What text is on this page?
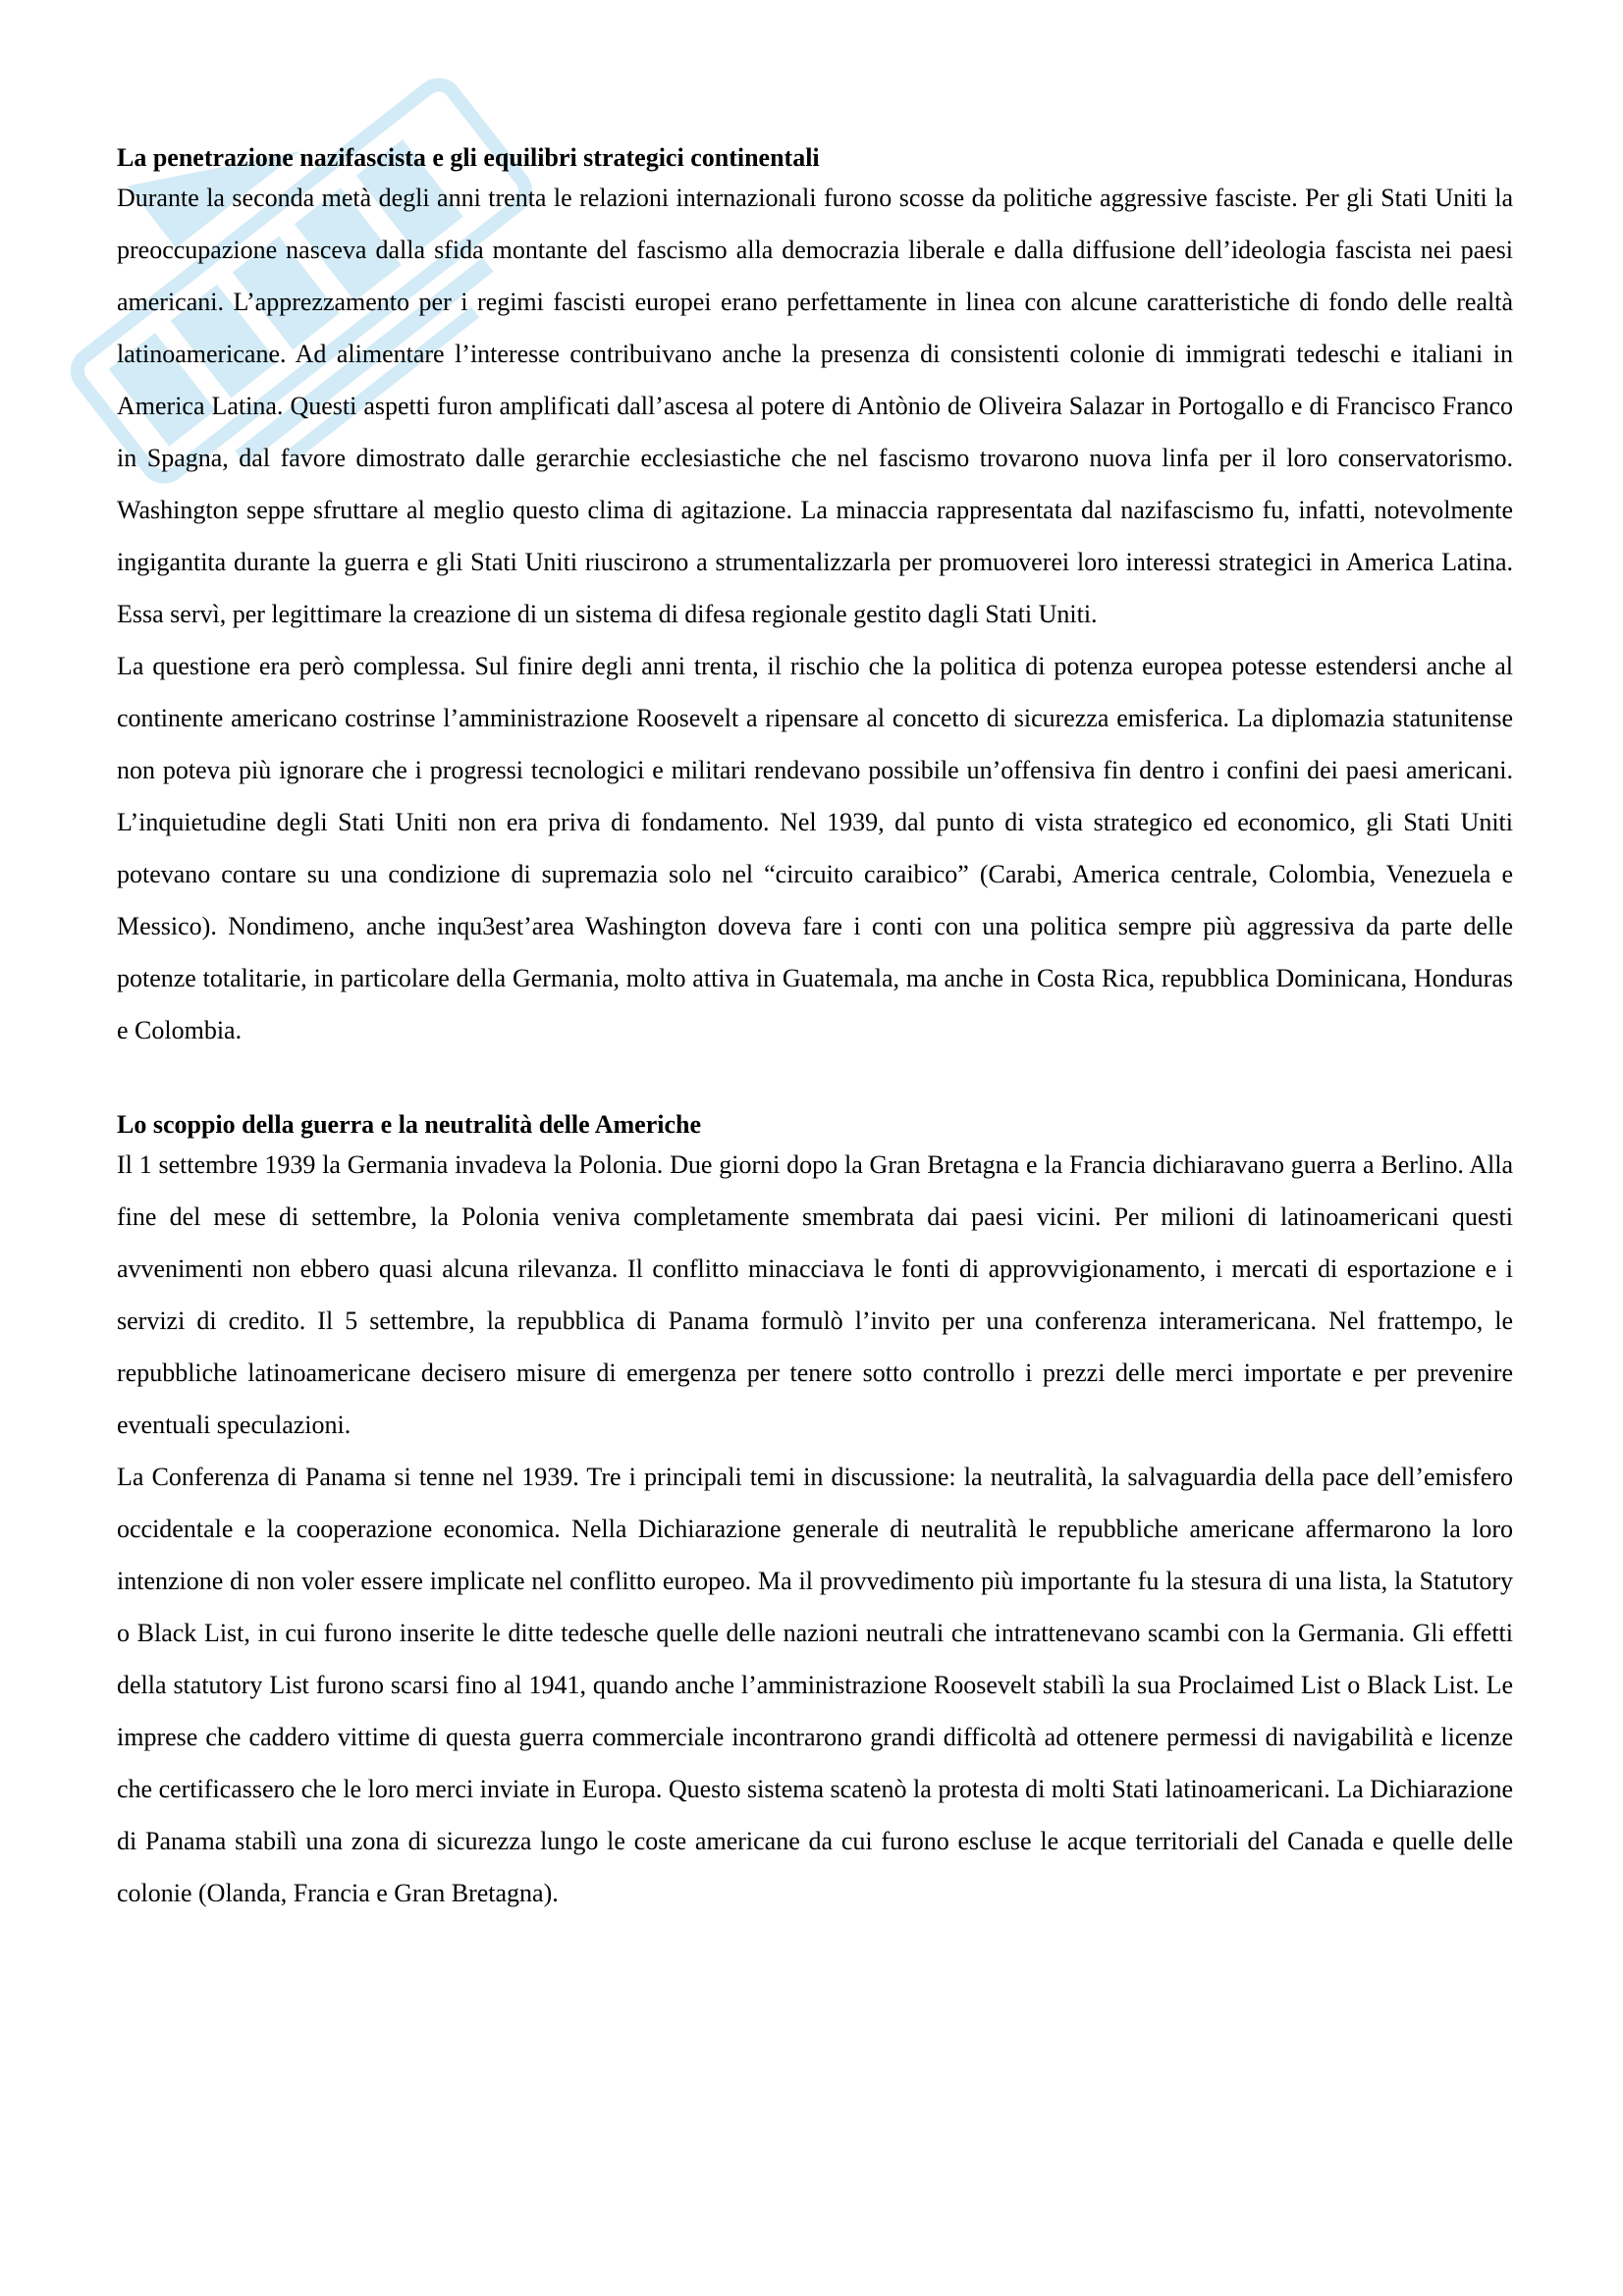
La penetrazione nazifascista e gli equilibri strategici continentali

Durante la seconda metà degli anni trenta le relazioni internazionali furono scosse da politiche aggressive fasciste. Per gli Stati Uniti la preoccupazione nasceva dalla sfida montante del fascismo alla democrazia liberale e dalla diffusione dell’ideologia fascista nei paesi americani. L’apprezzamento per i regimi fascisti europei erano perfettamente in linea con alcune caratteristiche di fondo delle realtà latinoamericane. Ad alimentare l’interesse contribuivano anche la presenza di consistenti colonie di immigrati tedeschi e italiani in America Latina. Questi aspetti furon amplificati dall’ascesa al potere di Antònio de Oliveira Salazar in Portogallo e di Francisco Franco in Spagna, dal favore dimostrato dalle gerarchie ecclesiastiche che nel fascismo trovarono nuova linfa per il loro conservatorismo. Washington seppe sfruttare al meglio questo clima di agitazione. La minaccia rappresentata dal nazifascismo fu, infatti, notevolmente ingigantita durante la guerra e gli Stati Uniti riuscirono a strumentalizzarla per promuoverei loro interessi strategici in America Latina. Essa servì, per legittimare la creazione di un sistema di difesa regionale gestito dagli Stati Uniti.

La questione era però complessa. Sul finire degli anni trenta, il rischio che la politica di potenza europea potesse estendersi anche al continente americano costrinse l’amministrazione Roosevelt a ripensare al concetto di sicurezza emisferica. La diplomazia statunitense non poteva più ignorare che i progressi tecnologici e militari rendevano possibile un’offensiva fin dentro i confini dei paesi americani. L’inquietudine degli Stati Uniti non era priva di fondamento. Nel 1939, dal punto di vista strategico ed economico, gli Stati Uniti potevano contare su una condizione di supremazia solo nel “circuito caraibico” (Carabi, America centrale, Colombia, Venezuela e Messico). Nondimeno, anche inqu3est’area Washington doveva fare i conti con una politica sempre più aggressiva da parte delle potenze totalitarie, in particolare della Germania, molto attiva in Guatemala, ma anche in Costa Rica, repubblica Dominicana, Honduras e Colombia.

Lo scoppio della guerra e la neutralità delle Americhe

Il 1 settembre 1939 la Germania invadeva la Polonia. Due giorni dopo la Gran Bretagna e la Francia dichiaravano guerra a Berlino. Alla fine del mese di settembre, la Polonia veniva completamente smembrata dai paesi vicini. Per milioni di latinoamericani questi avvenimenti non ebbero quasi alcuna rilevanza. Il conflitto minacciava le fonti di approvvigionamento, i mercati di esportazione e i servizi di credito. Il 5 settembre, la repubblica di Panama formulò l’invito per una conferenza interamericana. Nel frattempo, le repubbliche latinoamericane decisero misure di emergenza per tenere sotto controllo i prezzi delle merci importate e per prevenire eventuali speculazioni.

La Conferenza di Panama si tenne nel 1939. Tre i principali temi in discussione: la neutralità, la salvaguardia della pace dell’emisfero occidentale e la cooperazione economica. Nella Dichiarazione generale di neutralità le repubbliche americane affermarono la loro intenzione di non voler essere implicate nel conflitto europeo. Ma il provvedimento più importante fu la stesura di una lista, la Statutory o Black List, in cui furono inserite le ditte tedesche quelle delle nazioni neutrali che intrattenevano scambi con la Germania. Gli effetti della statutory List furono scarsi fino al 1941, quando anche l’amministrazione Roosevelt stabilì la sua Proclaimed List o Black List. Le imprese che caddero vittime di questa guerra commerciale incontrarono grandi difficoltà ad ottenere permessi di navigabilità e licenze che certificassero che le loro merci inviate in Europa. Questo sistema scatenò la protesta di molti Stati latinoamericani. La Dichiarazione di Panama stabilì una zona di sicurezza lungo le coste americane da cui furono escluse le acque territoriali del Canada e quelle delle colonie (Olanda, Francia e Gran Bretagna).
